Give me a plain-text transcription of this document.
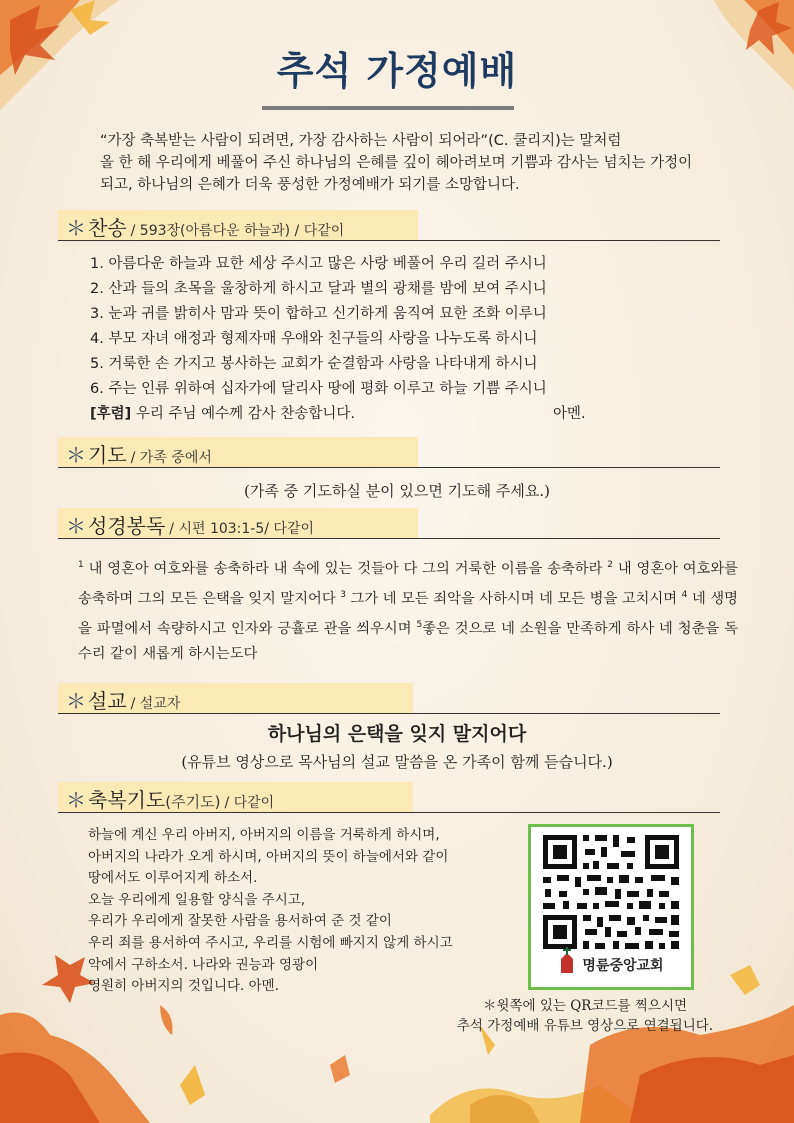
추석 가정예배
“가장 축복받는 사람이 되려면, 가장 감사하는 사람이 되어라”(C. 쿨리지)는 말처럼
올 한 해 우리에게 베풀어 주신 하나님의 은혜를 깊이 헤아려보며 기쁨과 감사는 넘치는 가정이
되고, 하나님의 은혜가 더욱 풍성한 가정예배가 되기를 소망합니다.
＊ 찬송 / 593장(아름다운 하늘과) / 다같이
1. 아름다운 하늘과 묘한 세상 주시고 많은 사랑 베풀어 우리 길러 주시니
2. 산과 들의 초목을 울창하게 하시고 달과 별의 광채를 밤에 보여 주시니
3. 눈과 귀를 밝히사 맘과 뜻이 합하고 신기하게 움직여 묘한 조화 이루니
4. 부모 자녀 애정과 형제자매 우애와 친구들의 사랑을 나누도록 하시니
5. 거룩한 손 가지고 봉사하는 교회가 순결함과 사랑을 나타내게 하시니
6. 주는 인류 위하여 십자가에 달리사 땅에 평화 이루고 하늘 기쁨 주시니
[후렴] 우리 주님 예수께 감사 찬송합니다.	아멘.
＊ 기도 / 가족 중에서
(가족 중 기도하실 분이 있으면 기도해 주세요.)
＊ 성경봉독 / 시편 103:1-5/ 다같이
$^1$ 내 영혼아 여호와를 송축하라 내 속에 있는 것들아 다 그의 거룩한 이름을 송축하라 $^2$ 내 영혼아 여호와를 송축하며 그의 모든 은택을 잊지 말지어다 $^3$ 그가 네 모든 죄악을 사하시며 네 모든 병을 고치시며 $^4$ 네 생명을 파멸에서 속량하시고 인자와 긍휼로 관을 씌우시며 $^5$좋은 것으로 네 소원을 만족하게 하사 네 청춘을 독수리 같이 새롭게 하시는도다
＊ 설교 / 설교자
하나님의 은택을 잊지 말지어다
(유튜브 영상으로 목사님의 설교 말씀을 온 가족이 함께 듣습니다.)
＊ 축복기도(주기도) / 다같이
하늘에 계신 우리 아버지, 아버지의 이름을 거룩하게 하시며,
아버지의 나라가 오게 하시며, 아버지의 뜻이 하늘에서와 같이
땅에서도 이루어지게 하소서.
오늘 우리에게 일용할 양식을 주시고,
우리가 우리에게 잘못한 사람을 용서하여 준 것 같이
우리 죄를 용서하여 주시고, 우리를 시험에 빠지지 않게 하시고
악에서 구하소서. 나라와 권능과 영광이
영원히 아버지의 것입니다. 아멘.
명륜중앙교회
＊윗쪽에 있는 QR코드를 찍으시면
추석 가정예배 유튜브 영상으로 연결됩니다.
